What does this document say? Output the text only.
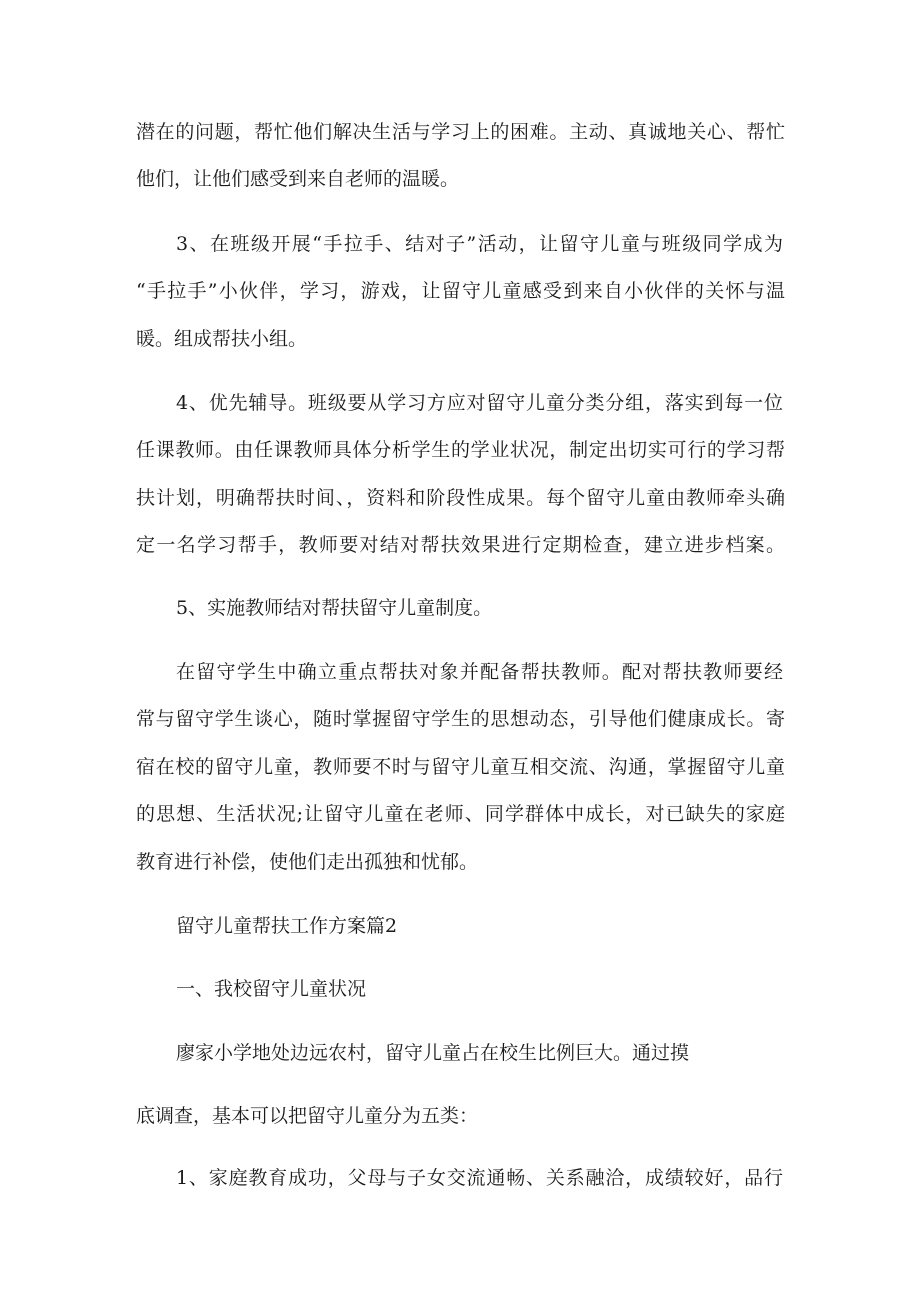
潜在的问题，帮忙他们解决生活与学习上的困难。主动、真诚地关心、帮忙
他们，让他们感受到来自老师的温暖。
3、在班级开展“手拉手、结对子”活动，让留守儿童与班级同学成为
“手拉手”小伙伴，学习，游戏，让留守儿童感受到来自小伙伴的关怀与温
暖。组成帮扶小组。
4、优先辅导。班级要从学习方应对留守儿童分类分组，落实到每一位
任课教师。由任课教师具体分析学生的学业状况，制定出切实可行的学习帮
扶计划，明确帮扶时间、，资料和阶段性成果。每个留守儿童由教师牵头确
定一名学习帮手，教师要对结对帮扶效果进行定期检查，建立进步档案。
5、实施教师结对帮扶留守儿童制度。
在留守学生中确立重点帮扶对象并配备帮扶教师。配对帮扶教师要经
常与留守学生谈心，随时掌握留守学生的思想动态，引导他们健康成长。寄
宿在校的留守儿童，教师要不时与留守儿童互相交流、沟通，掌握留守儿童
的思想、生活状况;让留守儿童在老师、同学群体中成长，对已缺失的家庭
教育进行补偿，使他们走出孤独和忧郁。
留守儿童帮扶工作方案篇2
一、我校留守儿童状况
廖家小学地处边远农村，留守儿童占在校生比例巨大。通过摸
底调查，基本可以把留守儿童分为五类：
1、家庭教育成功，父母与子女交流通畅、关系融洽，成绩较好，品行
